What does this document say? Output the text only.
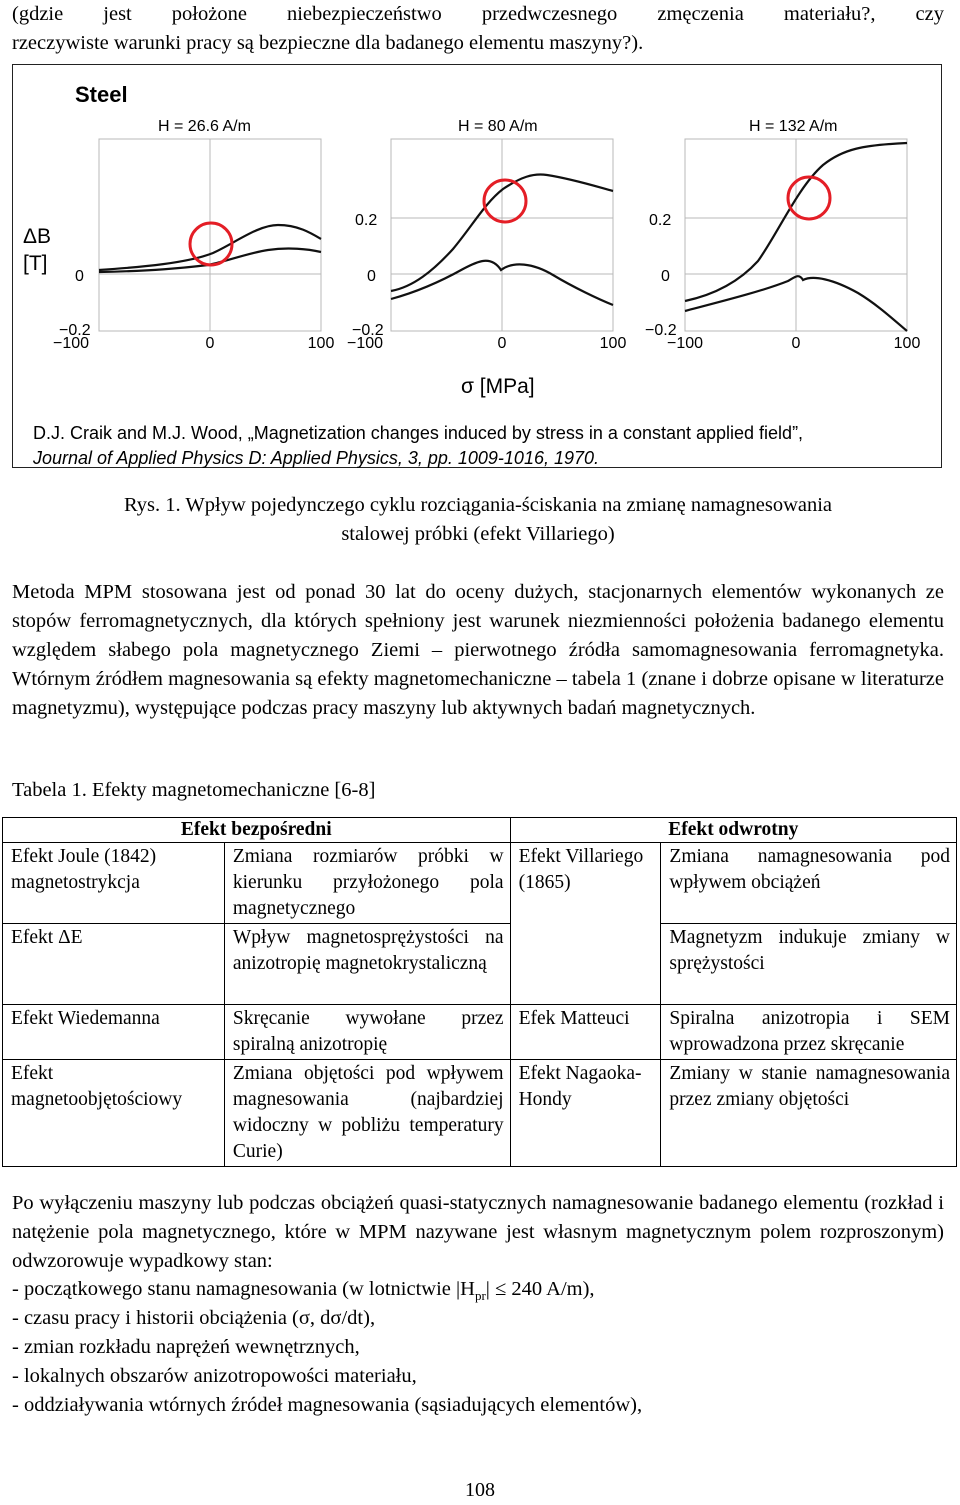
(gdzie jest położone niebezpieczeństwo przedwczesnego zmęczenia materiału?, czy
rzeczywiste warunki pracy są bezpieczne dla badanego elementu maszyny?).
Steel
ΔB
[T]
H = 26.6 A/m
0
−0.2
−100	0	100
H = 80 A/m
0.2
0
−0.2
−100	0	100
H = 132 A/m
0.2
0
−0.2
−100	0	100
σ [MPa]
D.J. Craik and M.J. Wood, „Magnetization changes induced by stress in a constant applied field”,
Journal of Applied Physics D: Applied Physics, 3, pp. 1009-1016, 1970.
Rys. 1. Wpływ pojedynczego cyklu rozciągania-ściskania na zmianę namagnesowania
stalowej próbki (efekt Villariego)
Metoda MPM stosowana jest od ponad 30 lat do oceny dużych, stacjonarnych elementów wykonanych ze stopów ferromagnetycznych, dla których spełniony jest warunek niezmienności położenia badanego elementu względem słabego pola magnetycznego Ziemi – pierwotnego źródła samomagnesowania ferromagnetyka. Wtórnym źródłem magnesowania są efekty magnetomechaniczne – tabela 1 (znane i dobrze opisane w literaturze magnetyzmu), występujące podczas pracy maszyny lub aktywnych badań magnetycznych.
Tabela 1. Efekty magnetomechaniczne [6-8]
Efekt bezpośredni		Efekt odwrotny	
Efekt Joule (1842) magnetostrykcja	Zmiana rozmiarów próbki w kierunku przyłożonego pola magnetycznego	Efekt Villariego (1865)	Zmiana namagnesowania pod wpływem obciążeń
Efekt ΔE	Wpływ magnetosprężystości na anizotropię magnetokrystaliczną		Magnetyzm indukuje zmiany w sprężystości
Efekt Wiedemanna	Skręcanie wywołane przez spiralną anizotropię	Efek Matteuci	Spiralna anizotropia i SEM wprowadzona przez skręcanie
Efekt magnetoobjętościowy	Zmiana objętości pod wpływem magnesowania (najbardziej widoczny w pobliżu temperatury Curie)	Efekt Nagaoka-Hondy	Zmiany w stanie namagnesowania przez zmiany objętości
Po wyłączeniu maszyny lub podczas obciążeń quasi-statycznych namagnesowanie badanego elementu (rozkład i natężenie pola magnetycznego, które w MPM nazywane jest własnym magnetycznym polem rozproszonym) odwzorowuje wypadkowy stan:
- początkowego stanu namagnesowania (w lotnictwie $|H_{pr}| \le 240$ A/m),
- czasu pracy i historii obciążenia (σ, dσ/dt),
- zmian rozkładu naprężeń wewnętrznych,
- lokalnych obszarów anizotropowości materiału,
- oddziaływania wtórnych źródeł magnesowania (sąsiadujących elementów),
108
